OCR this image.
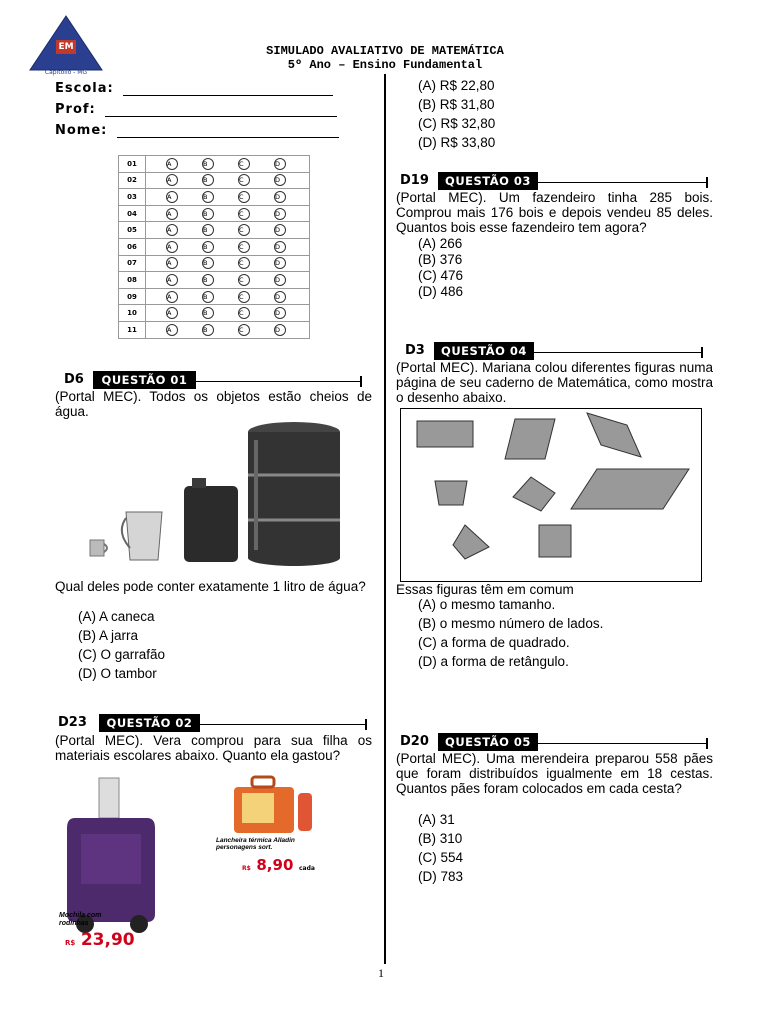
EM
Capitólio - MG
SIMULADO AVALIATIVO DE MATEMÁTICA
5º Ano – Ensino Fundamental
Escola:
Prof:
Nome:
01	A B C D
02	A B C D
03	A B C D
04	A B C D
05	A B C D
06	A B C D
07	A B C D
08	A B C D
09	A B C D
10	A B C D
11	A B C D
D6	QUESTÃO 01
(Portal MEC). Todos os objetos estão cheios de água.
Qual deles pode conter exatamente 1 litro de água?
(A) A caneca
(B) A jarra
(C) O garrafão
(D) O tambor
D23	QUESTÃO 02
(Portal MEC). Vera comprou para sua filha os materiais escolares abaixo. Quanto ela gastou?
Mochila com rodinhas
R$ 23,90
Lancheira térmica Alladin personagens sort.
R$ 8,90 cada
(A) R$ 22,80
(B) R$ 31,80
(C) R$ 32,80
(D) R$ 33,80
D19	QUESTÃO 03
(Portal MEC). Um fazendeiro tinha 285 bois. Comprou mais 176 bois e depois vendeu 85 deles. Quantos bois esse fazendeiro tem agora?
(A) 266
(B) 376
(C) 476
(D) 486
D3	QUESTÃO 04
(Portal MEC). Mariana colou diferentes figuras numa página de seu caderno de Matemática, como mostra o desenho abaixo.
Essas figuras têm em comum
(A) o mesmo tamanho.
(B) o mesmo número de lados.
(C) a forma de quadrado.
(D) a forma de retângulo.
D20	QUESTÃO 05
(Portal MEC). Uma merendeira preparou 558 pães que foram distribuídos igualmente em 18 cestas. Quantos pães foram colocados em cada cesta?
(A) 31
(B) 310
(C) 554
(D) 783
1
